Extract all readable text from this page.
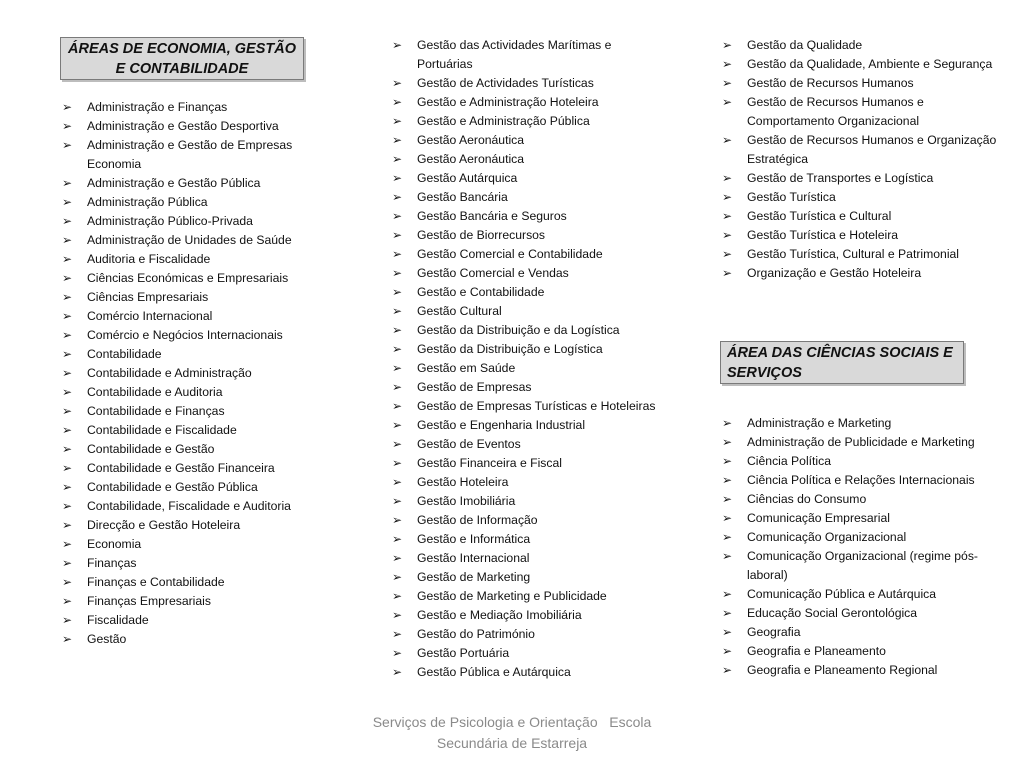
ÁREAS DE ECONOMIA, GESTÃO E CONTABILIDADE
➢ Administração e Finanças
➢ Administração e Gestão Desportiva
➢ Administração e Gestão de Empresas Economia
➢ Administração e Gestão Pública
➢ Administração Pública
➢ Administração Público-Privada
➢ Administração de Unidades de Saúde
➢ Auditoria e Fiscalidade
➢ Ciências Económicas e Empresariais
➢ Ciências Empresariais
➢ Comércio Internacional
➢ Comércio e Negócios Internacionais
➢ Contabilidade
➢ Contabilidade e Administração
➢ Contabilidade e Auditoria
➢ Contabilidade e Finanças
➢ Contabilidade e Fiscalidade
➢ Contabilidade e Gestão
➢ Contabilidade e Gestão Financeira
➢ Contabilidade e Gestão Pública
➢ Contabilidade, Fiscalidade e Auditoria
➢ Direcção e Gestão Hoteleira
➢ Economia
➢ Finanças
➢ Finanças e Contabilidade
➢ Finanças Empresariais
➢ Fiscalidade
➢ Gestão
➢ Gestão das Actividades Marítimas e Portuárias
➢ Gestão de Actividades Turísticas
➢ Gestão e Administração Hoteleira
➢ Gestão e Administração Pública
➢ Gestão Aeronáutica
➢ Gestão Aeronáutica
➢ Gestão Autárquica
➢ Gestão Bancária
➢ Gestão Bancária e Seguros
➢ Gestão de Biorrecursos
➢ Gestão Comercial e Contabilidade
➢ Gestão Comercial e Vendas
➢ Gestão e Contabilidade
➢ Gestão Cultural
➢ Gestão da Distribuição e da Logística
➢ Gestão da Distribuição e Logística
➢ Gestão em Saúde
➢ Gestão de Empresas
➢ Gestão de Empresas Turísticas e Hoteleiras
➢ Gestão e Engenharia Industrial
➢ Gestão de Eventos
➢ Gestão Financeira e Fiscal
➢ Gestão Hoteleira
➢ Gestão Imobiliária
➢ Gestão de Informação
➢ Gestão e Informática
➢ Gestão Internacional
➢ Gestão de Marketing
➢ Gestão de Marketing e Publicidade
➢ Gestão e Mediação Imobiliária
➢ Gestão do Património
➢ Gestão Portuária
➢ Gestão Pública e Autárquica
➢ Gestão da Qualidade
➢ Gestão da Qualidade, Ambiente e Segurança
➢ Gestão de Recursos Humanos
➢ Gestão de Recursos Humanos e Comportamento Organizacional
➢ Gestão de Recursos Humanos e Organização Estratégica
➢ Gestão de Transportes e Logística
➢ Gestão Turística
➢ Gestão Turística e Cultural
➢ Gestão Turística e Hoteleira
➢ Gestão Turística, Cultural e Patrimonial
➢ Organização e Gestão Hoteleira
ÁREA DAS CIÊNCIAS SOCIAIS E SERVIÇOS
➢ Administração e Marketing
➢ Administração de Publicidade e Marketing
➢ Ciência Política
➢ Ciência Política e Relações Internacionais
➢ Ciências do Consumo
➢ Comunicação Empresarial
➢ Comunicação Organizacional
➢ Comunicação Organizacional (regime pós-laboral)
➢ Comunicação Pública e Autárquica
➢ Educação Social Gerontológica
➢ Geografia
➢ Geografia e Planeamento
➢ Geografia e Planeamento Regional
Serviços de Psicologia e Orientação   Escola
Secundária de Estarreja
